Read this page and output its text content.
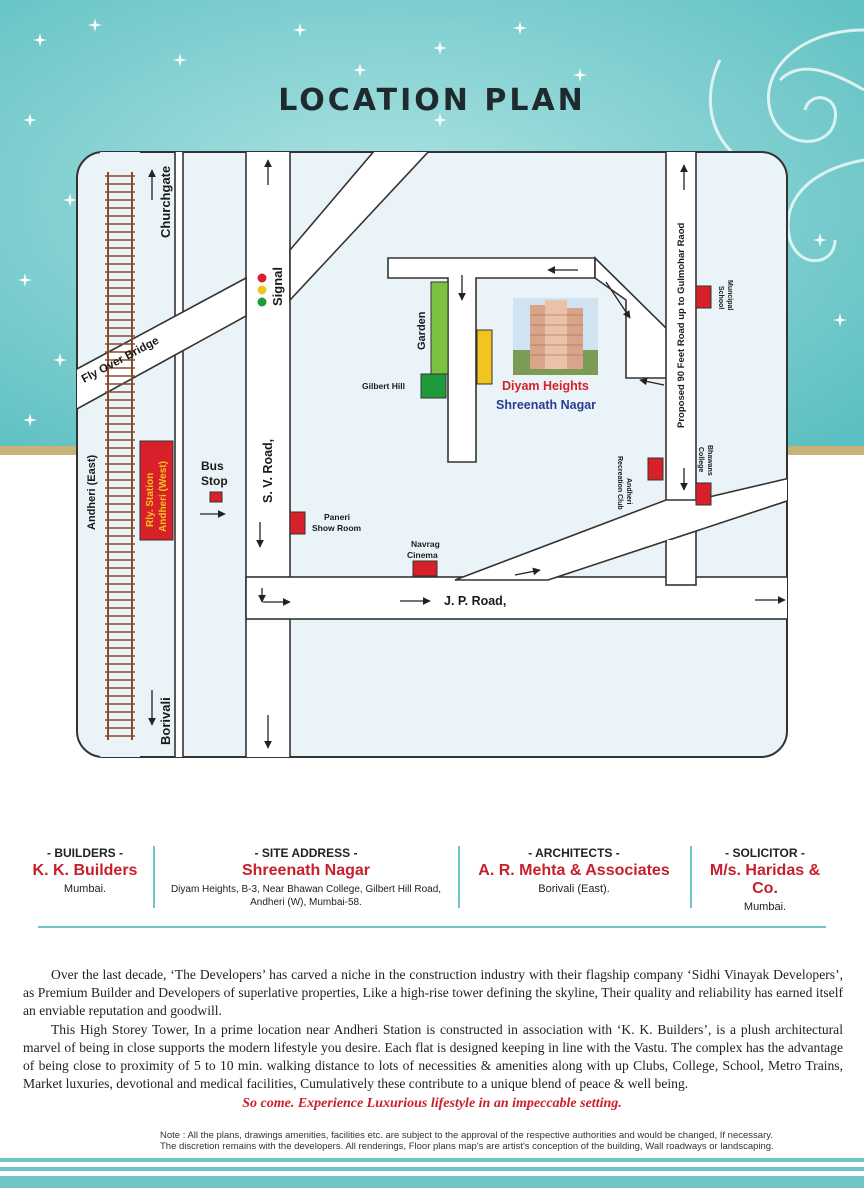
LOCATION PLAN
Churchgate
Borivali
Andheri (East)
Signal
Fly Over Bridge
S. V. Road,
J. P. Road,
Proposed 90 Feet Road up to Gulmohar Raod
Rly. Station Andheri (West)	Bus
Stop
Garden
Gilbert Hill	Diyam Heights
Shreenath Nagar
Paneri
Show Room
Navrag
Cinema
Andheri
Recreation Club
Muncipal
School
Bhawans
College
- BUILDERS -
K. K. Builders
Mumbai.
- SITE ADDRESS -
Shreenath Nagar
Diyam Heights, B-3, Near Bhawan College, Gilbert Hill Road,
Andheri (W), Mumbai-58.
- ARCHITECTS -
A. R. Mehta & Associates
Borivali (East).
- SOLICITOR -
M/s. Haridas & Co.
Mumbai.

Over the last decade, ‘The Developers’ has carved a niche in the construction industry with their flagship company ‘Sidhi Vinayak Developers’, as Premium Builder and Developers of superlative properties, Like a high-rise tower defining the skyline, Their quality and reliability has earned itself an enviable reputation and goodwill.

This High Storey Tower, In a prime location near Andheri Station is constructed in association with ‘K. K. Builders’, is a plush architectural marvel of being in close supports the modern lifestyle you desire. Each flat is designed keeping in line with the Vastu. The complex has the advantage of being close to proximity of 5 to 10 min. walking distance to lots of necessities & amenities along with up Clubs, College, School, Metro Trains, Market luxuries, devotional and medical facilities, Cumulatively these contribute to a unique blend of peace & well being.

So come. Experience Luxurious lifestyle in an impeccable setting.
Note : All the plans, drawings amenities, facilities etc. are subject to the approval of the respective authorities and would be changed, If necessary.
The discretion remains with the developers. All renderings, Floor plans map's are artist's conception of the building, Wall roadways or landscaping.
